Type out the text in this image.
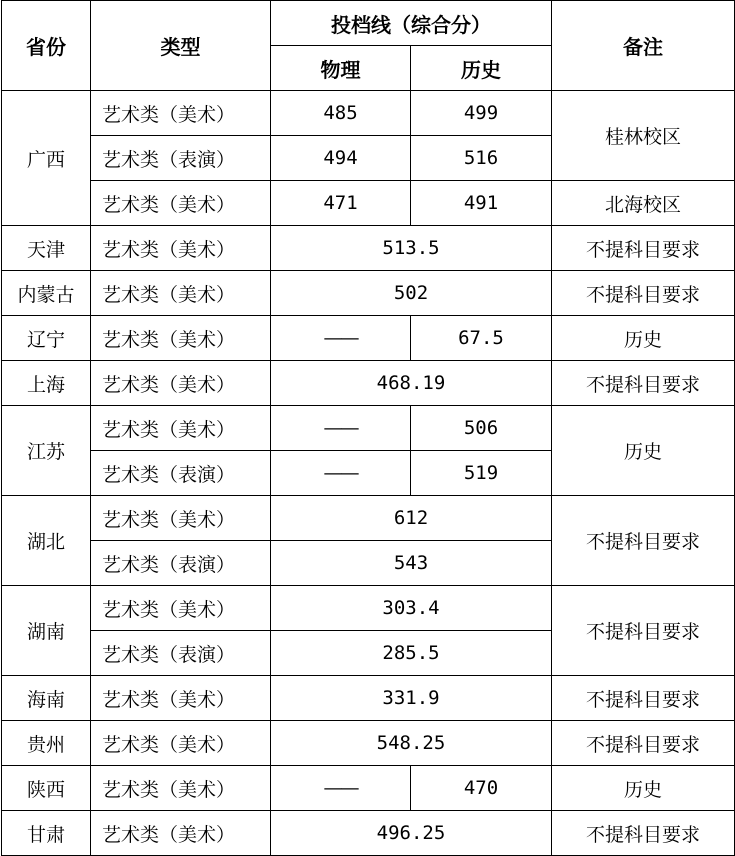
省份	类型	投档线（综合分）		备注
		物理	历史	
广西	艺术类（美术）	485	499	桂林校区
	艺术类（表演）	494	516	
	艺术类（美术）	471	491	北海校区
天津	艺术类（美术）	513.5		不提科目要求
内蒙古	艺术类（美术）	502		不提科目要求
辽宁	艺术类（美术）	——	67.5	历史
上海	艺术类（美术）	468.19		不提科目要求
江苏	艺术类（美术）	——	506	历史
	艺术类（表演）	——	519	
湖北	艺术类（美术）	612		不提科目要求
	艺术类（表演）	543		
湖南	艺术类（美术）	303.4		不提科目要求
	艺术类（表演）	285.5		
海南	艺术类（美术）	331.9		不提科目要求
贵州	艺术类（美术）	548.25		不提科目要求
陕西	艺术类（美术）	——	470	历史
甘肃	艺术类（美术）	496.25		不提科目要求
